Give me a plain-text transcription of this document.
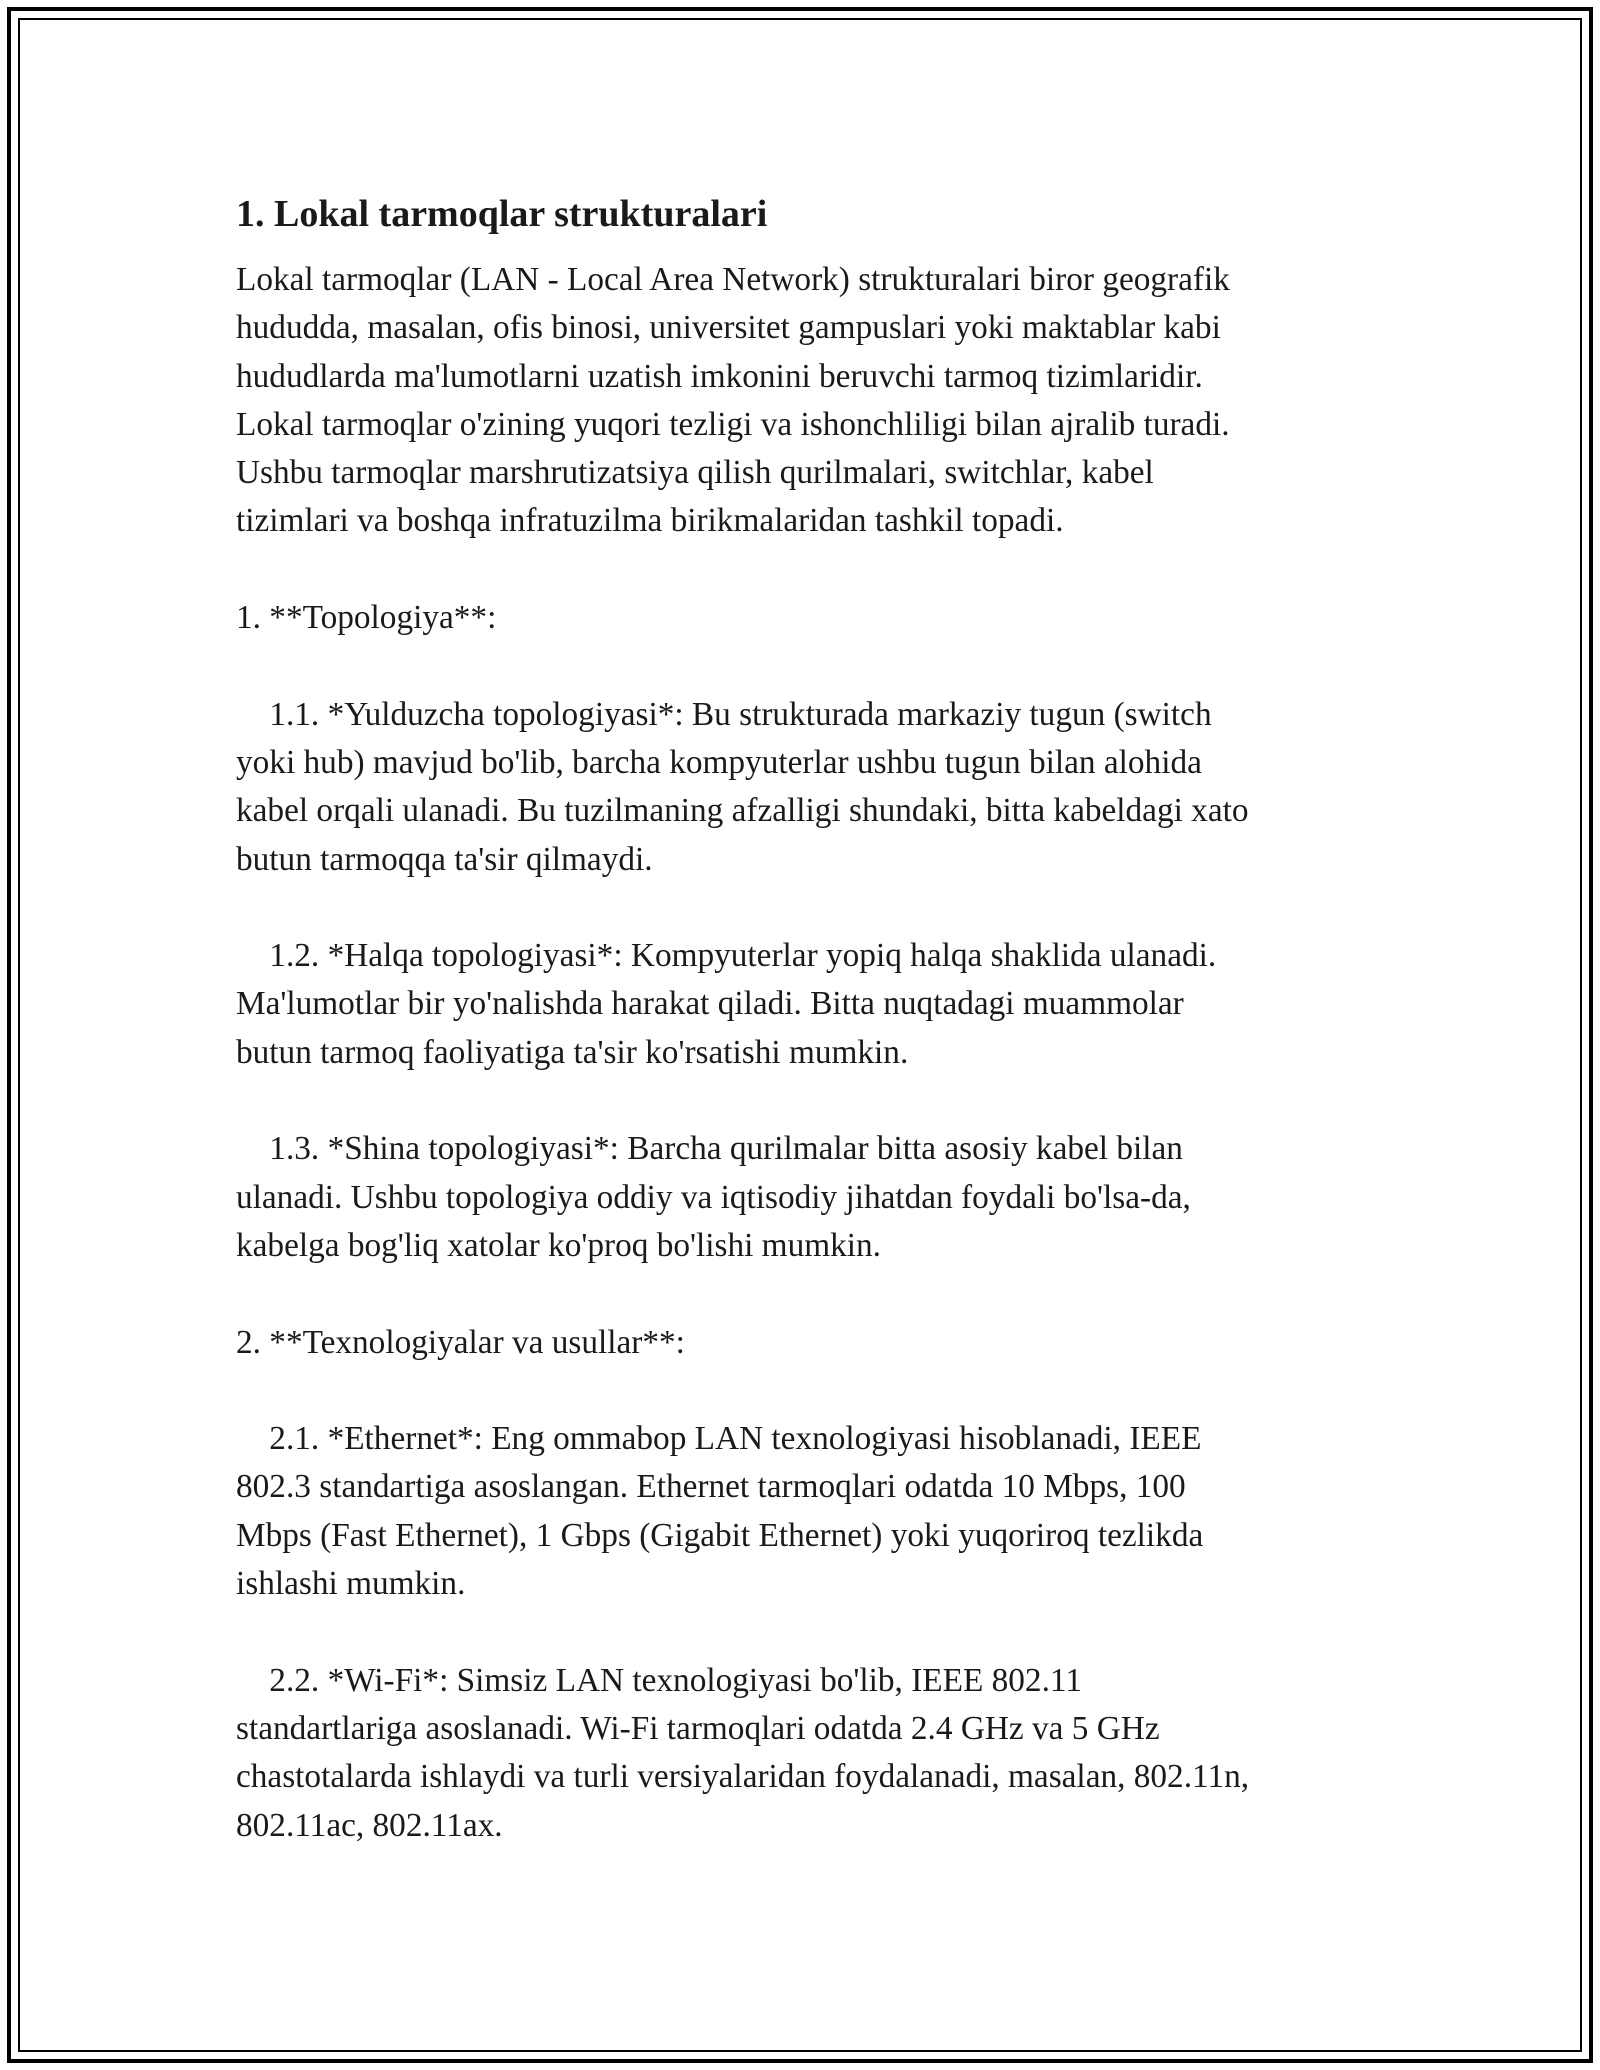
1. Lokal tarmoqlar strukturalari

Lokal tarmoqlar (LAN - Local Area Network) strukturalari biror geografik
hududda, masalan, ofis binosi, universitet gampuslari yoki maktablar kabi
hududlarda ma'lumotlarni uzatish imkonini beruvchi tarmoq tizimlaridir.
Lokal tarmoqlar o'zining yuqori tezligi va ishonchliligi bilan ajralib turadi.
Ushbu tarmoqlar marshrutizatsiya qilish qurilmalari, switchlar, kabel
tizimlari va boshqa infratuzilma birikmalaridan tashkil topadi.

1. **Topologiya**:

1.1. *Yulduzcha topologiyasi*: Bu strukturada markaziy tugun (switch
yoki hub) mavjud bo'lib, barcha kompyuterlar ushbu tugun bilan alohida
kabel orqali ulanadi. Bu tuzilmaning afzalligi shundaki, bitta kabeldagi xato
butun tarmoqqa ta'sir qilmaydi.

1.2. *Halqa topologiyasi*: Kompyuterlar yopiq halqa shaklida ulanadi.
Ma'lumotlar bir yo'nalishda harakat qiladi. Bitta nuqtadagi muammolar
butun tarmoq faoliyatiga ta'sir ko'rsatishi mumkin.

1.3. *Shina topologiyasi*: Barcha qurilmalar bitta asosiy kabel bilan
ulanadi. Ushbu topologiya oddiy va iqtisodiy jihatdan foydali bo'lsa-da,
kabelga bog'liq xatolar ko'proq bo'lishi mumkin.

2. **Texnologiyalar va usullar**:

2.1. *Ethernet*: Eng ommabop LAN texnologiyasi hisoblanadi, IEEE
802.3 standartiga asoslangan. Ethernet tarmoqlari odatda 10 Mbps, 100
Mbps (Fast Ethernet), 1 Gbps (Gigabit Ethernet) yoki yuqoriroq tezlikda
ishlashi mumkin.

2.2. *Wi-Fi*: Simsiz LAN texnologiyasi bo'lib, IEEE 802.11
standartlariga asoslanadi. Wi-Fi tarmoqlari odatda 2.4 GHz va 5 GHz
chastotalarda ishlaydi va turli versiyalaridan foydalanadi, masalan, 802.11n,
802.11ac, 802.11ax.
